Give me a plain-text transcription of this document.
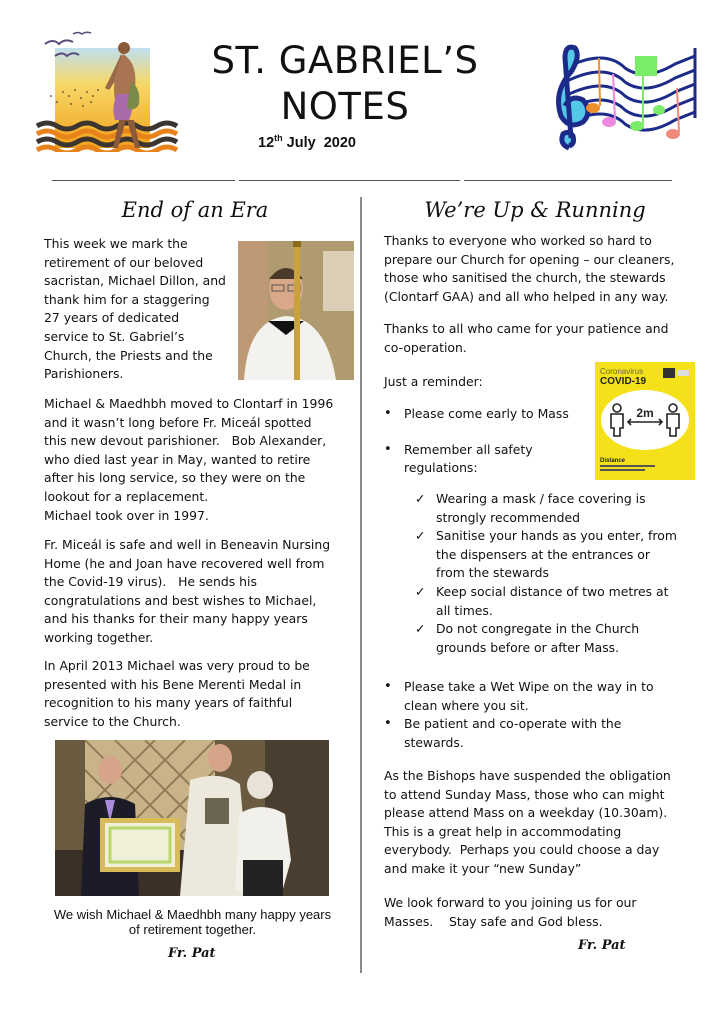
ST. GABRIEL’S
NOTES
12th July  2020
End of an Era
This week we mark the
retirement of our beloved
sacristan, Michael Dillon, and
thank him for a staggering
27 years of dedicated
service to St. Gabriel’s
Church, the Priests and the
Parishioners.
Michael & Maedhbh moved to Clontarf in 1996
and it wasn’t long before Fr. Miceál spotted
this new devout parishioner.   Bob Alexander,
who died last year in May, wanted to retire
after his long service, so they were on the
lookout for a replacement.
Michael took over in 1997.
Fr. Miceál is safe and well in Beneavin Nursing
Home (he and Joan have recovered well from
the Covid-19 virus).   He sends his
congratulations and best wishes to Michael,
and his thanks for their many happy years
working together.
In April 2013 Michael was very proud to be
presented with his Bene Merenti Medal in
recognition to his many years of faithful
service to the Church.
We wish Michael & Maedhbh many happy years
of retirement together.
Fr. Pat
We’re Up & Running
Thanks to everyone who worked so hard to
prepare our Church for opening – our cleaners,
those who sanitised the church, the stewards
(Clontarf GAA) and all who helped in any way.
Thanks to all who came for your patience and
co-operation.
Just a reminder:
• Please come early to Mass
• Remember all safety
regulations:
Coronavirus
COVID-19
2m
Distance
✓ Wearing a mask / face covering is
strongly recommended
✓ Sanitise your hands as you enter, from
the dispensers at the entrances or
from the stewards
✓ Keep social distance of two metres at
all times.
✓ Do not congregate in the Church
grounds before or after Mass.
• Please take a Wet Wipe on the way in to
clean where you sit.
• Be patient and co-operate with the
stewards.
As the Bishops have suspended the obligation
to attend Sunday Mass, those who can might
please attend Mass on a weekday (10.30am).
This is a great help in accommodating
everybody.  Perhaps you could choose a day
and make it your “new Sunday”
We look forward to you joining us for our
Masses.    Stay safe and God bless.
Fr. Pat
